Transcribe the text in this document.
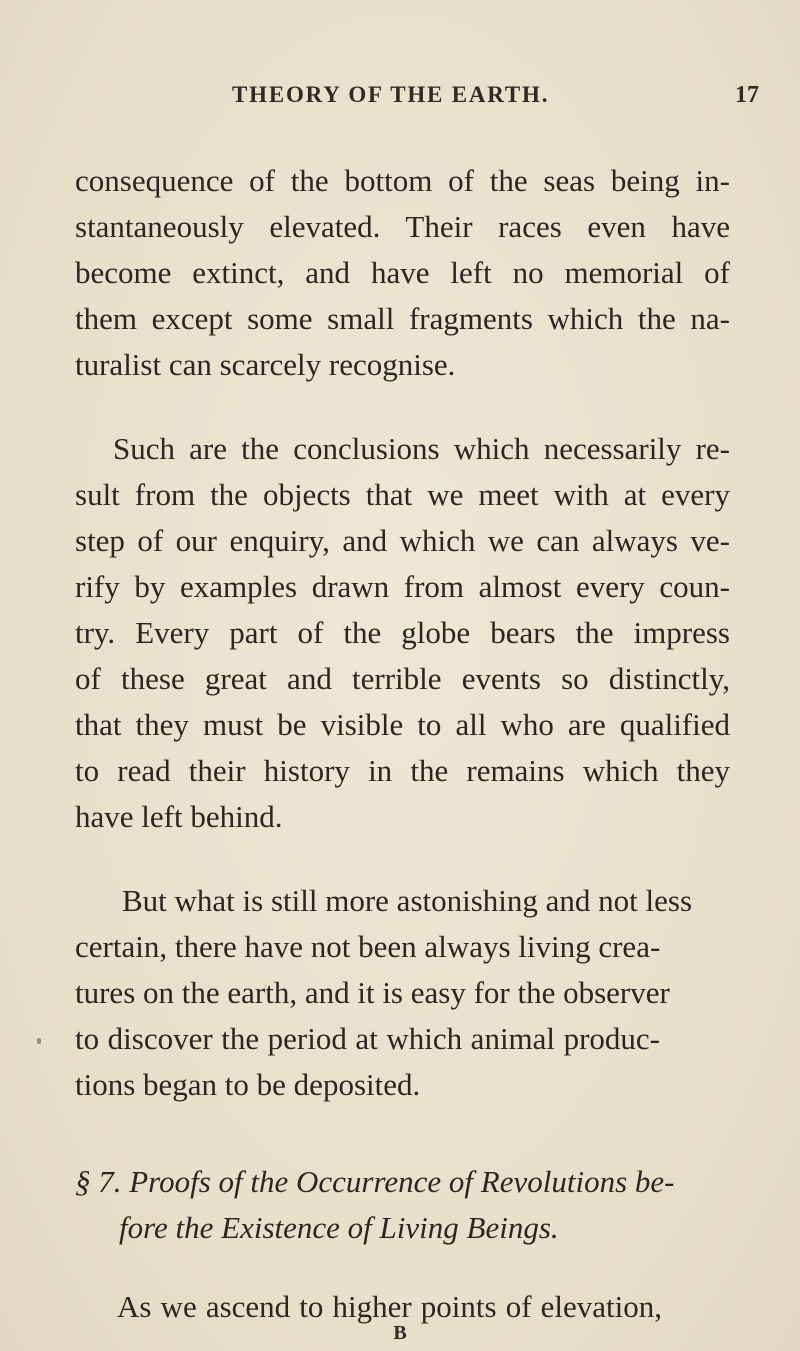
THEORY OF THE EARTH.	17
consequence of the bottom of the seas being in-
stantaneously elevated. Their races even have
become extinct, and have left no memorial of
them except some small fragments which the na-
turalist can scarcely recognise.
Such are the conclusions which necessarily re-
sult from the objects that we meet with at every
step of our enquiry, and which we can always ve-
rify by examples drawn from almost every coun-
try. Every part of the globe bears the impress
of these great and terrible events so distinctly,
that they must be visible to all who are qualified
to read their history in the remains which they
have left behind.
But what is still more astonishing and not less
certain, there have not been always living crea-
tures on the earth, and it is easy for the observer
to discover the period at which animal produc-
tions began to be deposited.
§ 7. Proofs of the Occurrence of Revolutions be-
fore the Existence of Living Beings.
As we ascend to higher points of elevation,
B
